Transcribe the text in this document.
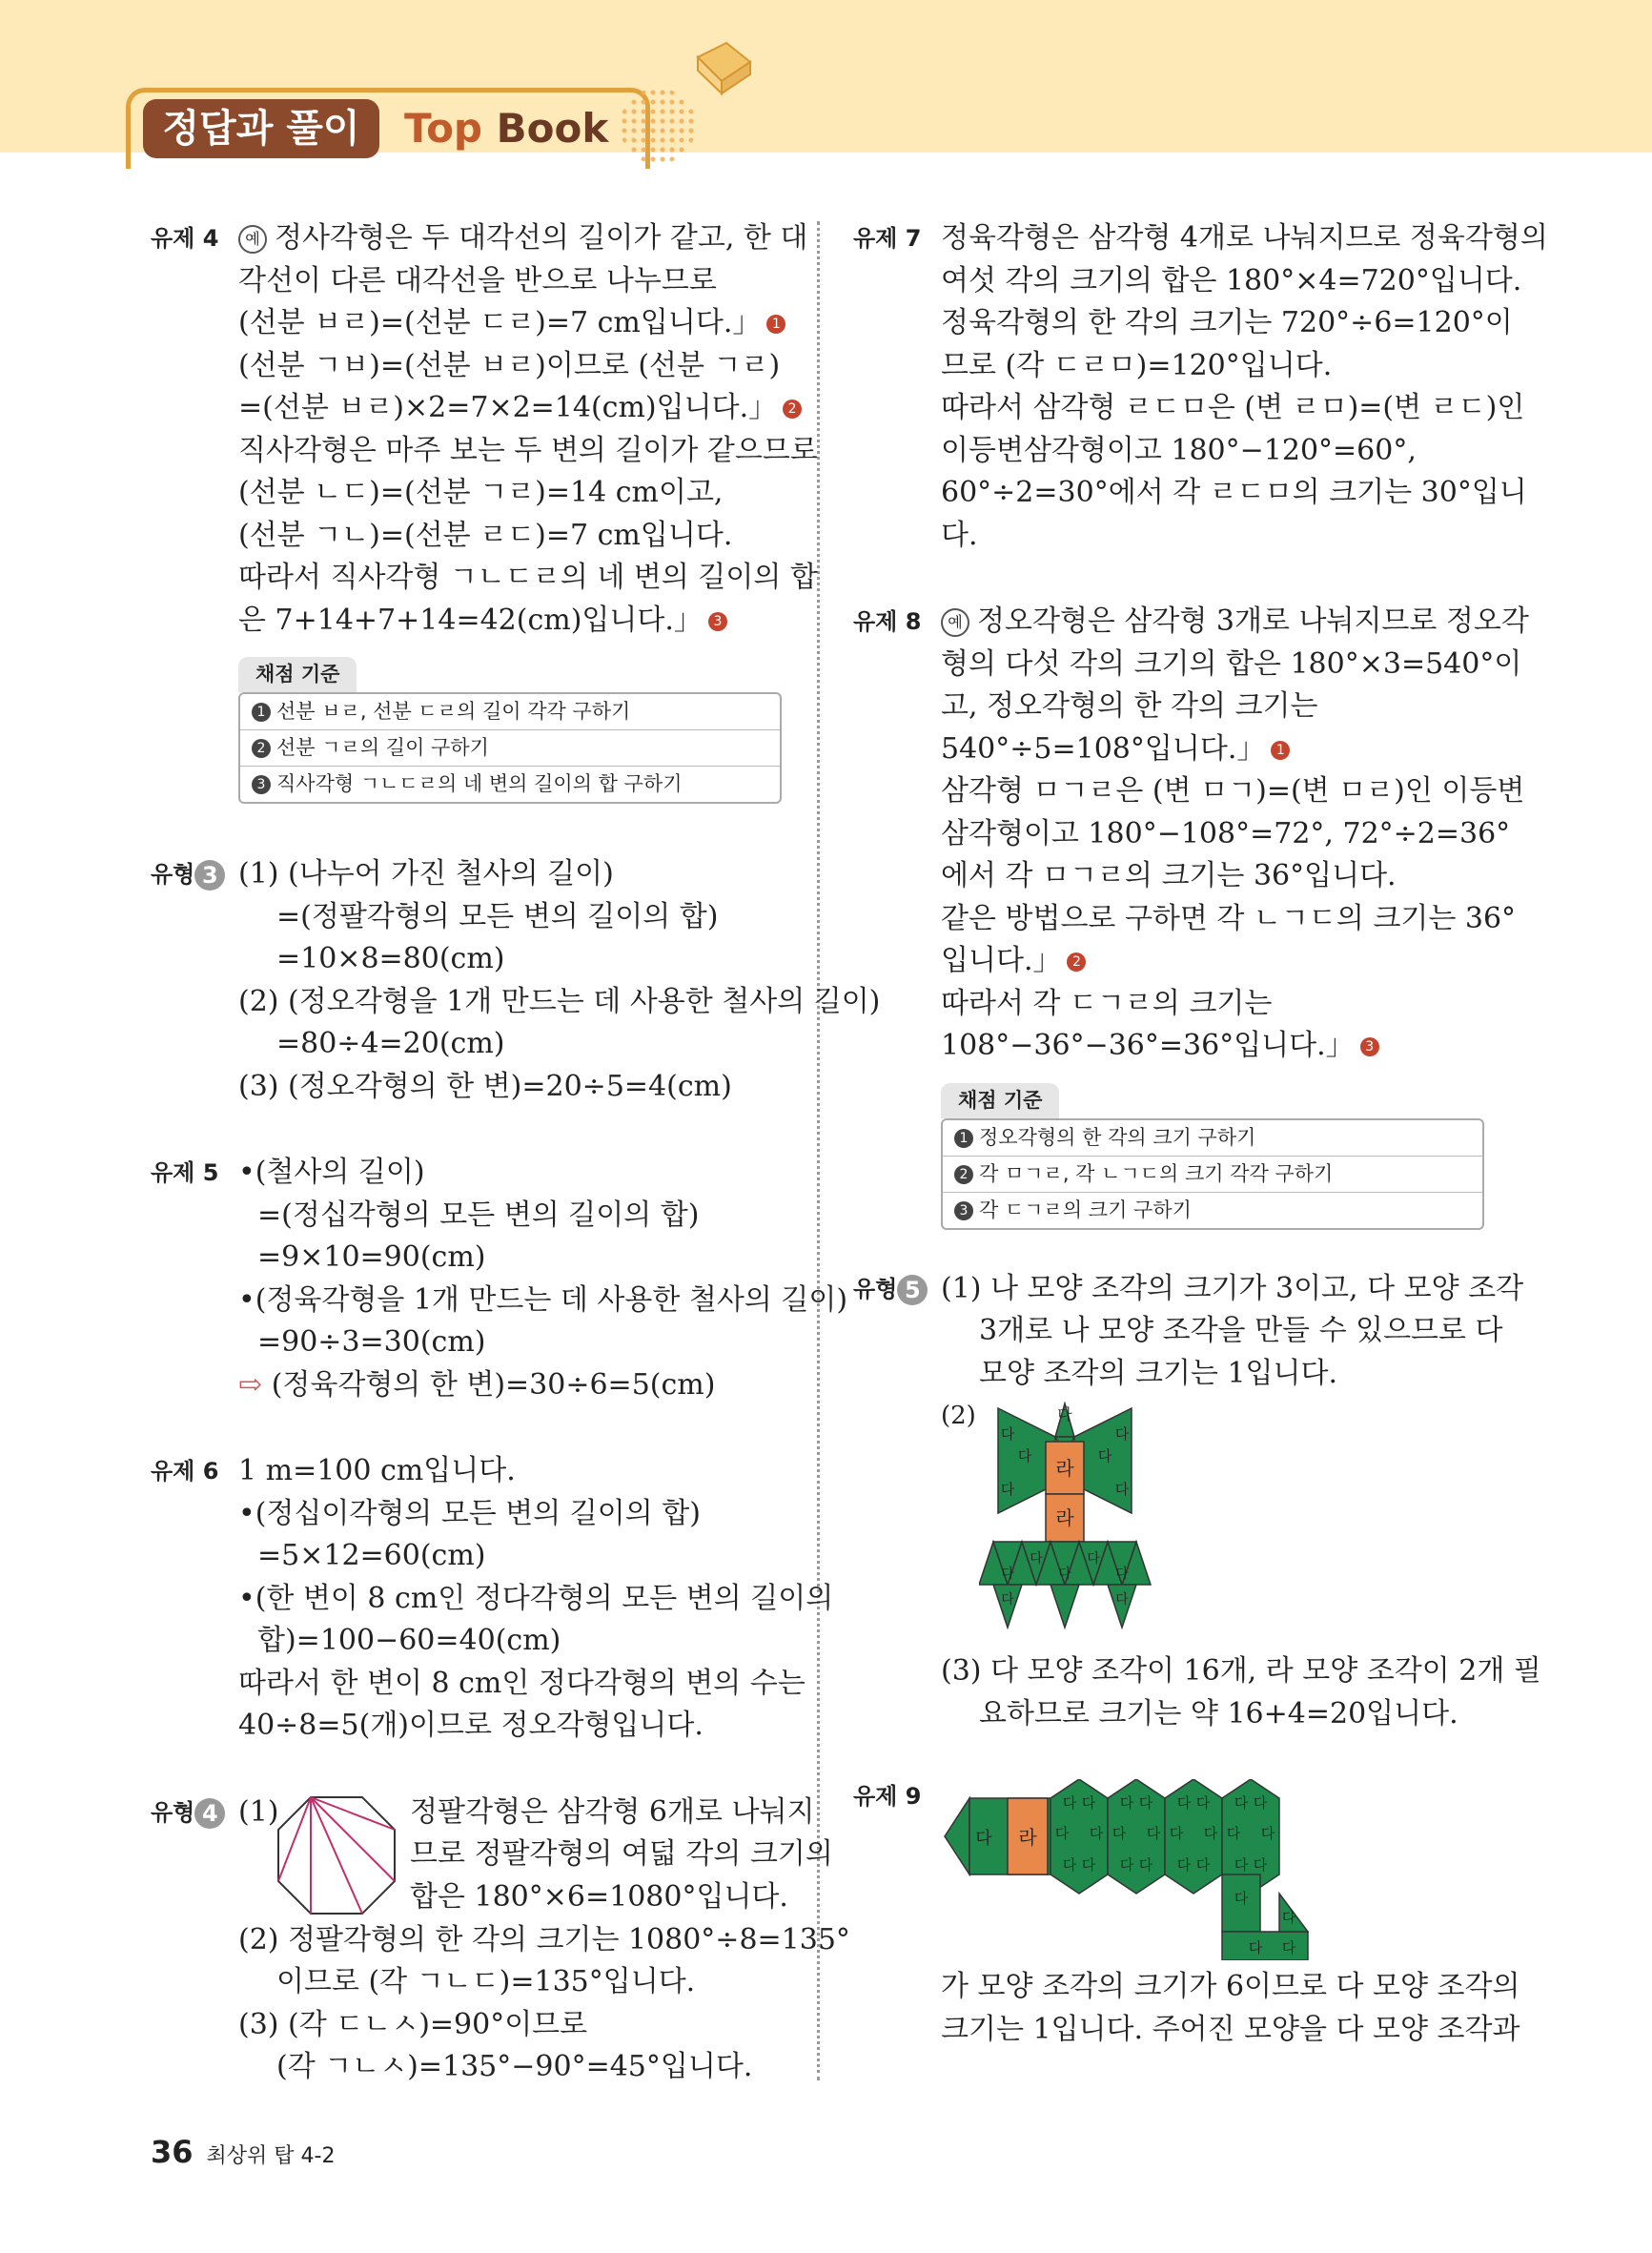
정답과 풀이	Top Book
유제 4	예 정사각형은 두 대각선의 길이가 같고, 한 대
각선이 다른 대각선을 반으로 나누므로
(선분 ㅂㄹ)=(선분 ㄷㄹ)=7 cm입니다.」 1
(선분 ㄱㅂ)=(선분 ㅂㄹ)이므로 (선분 ㄱㄹ)
=(선분 ㅂㄹ)×2=7×2=14(cm)입니다.」 2
직사각형은 마주 보는 두 변의 길이가 같으므로
(선분 ㄴㄷ)=(선분 ㄱㄹ)=14 cm이고,
(선분 ㄱㄴ)=(선분 ㄹㄷ)=7 cm입니다.
따라서 직사각형 ㄱㄴㄷㄹ의 네 변의 길이의 합
은 7+14+7+14=42(cm)입니다.」 3
채점 기준
1 선분 ㅂㄹ, 선분 ㄷㄹ의 길이 각각 구하기
2 선분 ㄱㄹ의 길이 구하기
3 직사각형 ㄱㄴㄷㄹ의 네 변의 길이의 합 구하기
유형 3 (1) (나누어 가진 철사의 길이)
=(정팔각형의 모든 변의 길이의 합)
=10×8=80(cm)
(2) (정오각형을 1개 만드는 데 사용한 철사의 길이)
=80÷4=20(cm)
(3) (정오각형의 한 변)=20÷5=4(cm)
유제 5 •(철사의 길이)
=(정십각형의 모든 변의 길이의 합)
=9×10=90(cm)
•(정육각형을 1개 만드는 데 사용한 철사의 길이)
=90÷3=30(cm)
⇨ (정육각형의 한 변)=30÷6=5(cm)
유제 6 1 m=100 cm입니다.
•(정십이각형의 모든 변의 길이의 합)
=5×12=60(cm)
•(한 변이 8 cm인 정다각형의 모든 변의 길이의
합)=100−60=40(cm)
따라서 한 변이 8 cm인 정다각형의 변의 수는
40÷8=5(개)이므로 정오각형입니다.
유형 4 (1)	정팔각형은 삼각형 6개로 나눠지
므로 정팔각형의 여덟 각의 크기의
합은 180°×6=1080°입니다.
(2) 정팔각형의 한 각의 크기는 1080°÷8=135°
이므로 (각 ㄱㄴㄷ)=135°입니다.
(3) (각 ㄷㄴㅅ)=90°이므로
(각 ㄱㄴㅅ)=135°−90°=45°입니다.
유제 7 정육각형은 삼각형 4개로 나눠지므로 정육각형의
여섯 각의 크기의 합은 180°×4=720°입니다.
정육각형의 한 각의 크기는 720°÷6=120°이
므로 (각 ㄷㄹㅁ)=120°입니다.
따라서 삼각형 ㄹㄷㅁ은 (변 ㄹㅁ)=(변 ㄹㄷ)인
이등변삼각형이고 180°−120°=60°,
60°÷2=30°에서 각 ㄹㄷㅁ의 크기는 30°입니
다.
유제 8	예 정오각형은 삼각형 3개로 나눠지므로 정오각
형의 다섯 각의 크기의 합은 180°×3=540°이
고, 정오각형의 한 각의 크기는
540°÷5=108°입니다.」 1
삼각형 ㅁㄱㄹ은 (변 ㅁㄱ)=(변 ㅁㄹ)인 이등변
삼각형이고 180°−108°=72°, 72°÷2=36°
에서 각 ㅁㄱㄹ의 크기는 36°입니다.
같은 방법으로 구하면 각 ㄴㄱㄷ의 크기는 36°
입니다.」 2
따라서 각 ㄷㄱㄹ의 크기는
108°−36°−36°=36°입니다.」 3
채점 기준
1 정오각형의 한 각의 크기 구하기
2 각 ㅁㄱㄹ, 각 ㄴㄱㄷ의 크기 각각 구하기
3 각 ㄷㄱㄹ의 크기 구하기
유형 5 (1) 나 모양 조각의 크기가 3이고, 다 모양 조각
3개로 나 모양 조각을 만들 수 있으므로 다
모양 조각의 크기는 1입니다.
(2)
라
라
다
다	다
다	다
다	다
다
다
다
다
다
다	다
(3) 다 모양 조각이 16개, 라 모양 조각이 2개 필
요하므로 크기는 약 16+4=20입니다.
유제 9
다 라
다 다
다 다
다 다
다 다
다 다
다 다
다 다
다 다
다 다
다 다
다 다
다 다
다
다
다 다
가 모양 조각의 크기가 6이므로 다 모양 조각의
크기는 1입니다. 주어진 모양을 다 모양 조각과
36 최상위 탑 4-2
